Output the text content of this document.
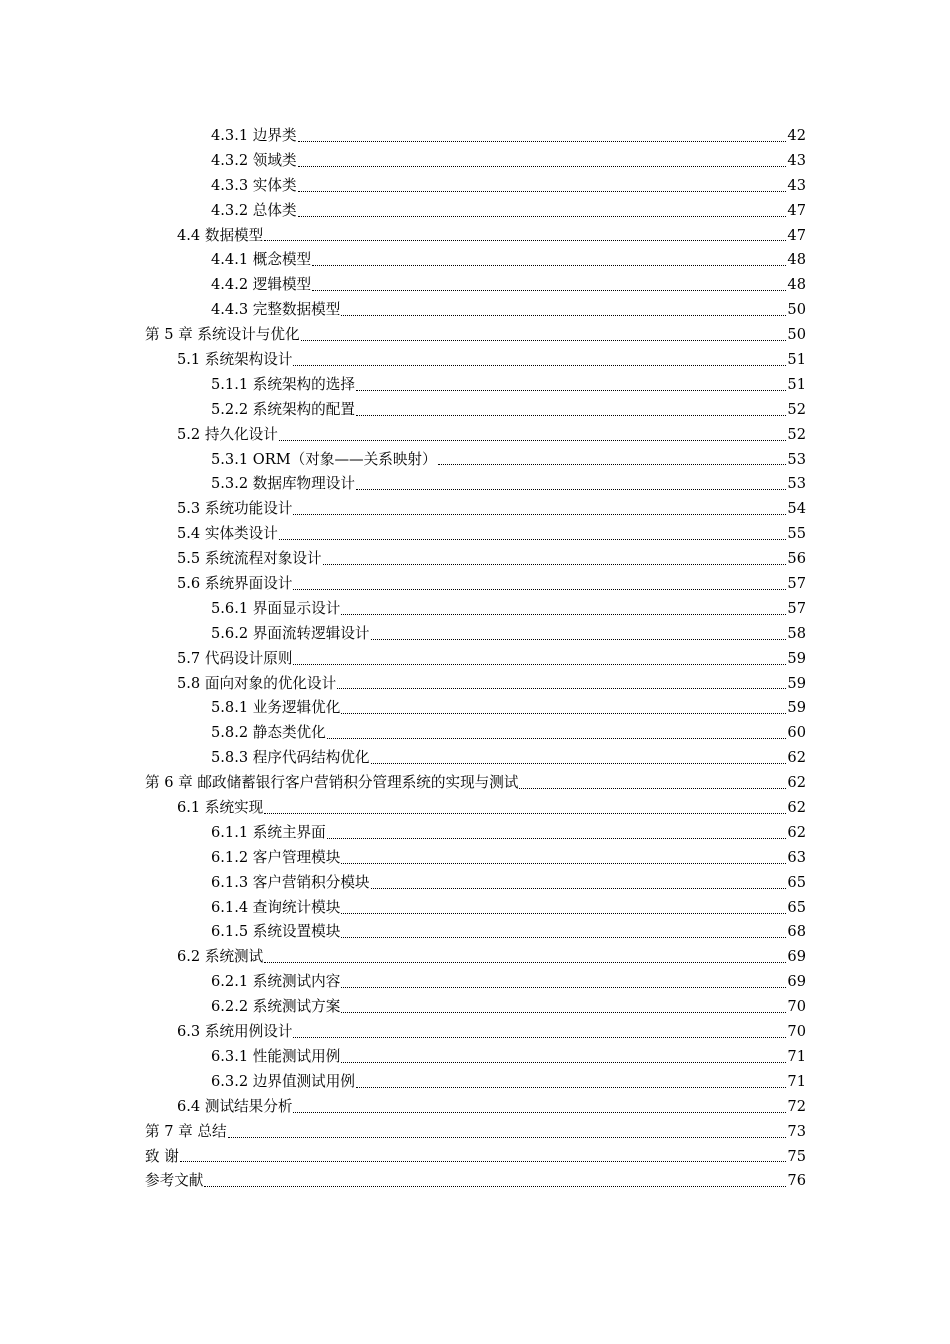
4.3.1 边界类	42
4.3.2 领域类	43
4.3.3 实体类	43
4.3.2 总体类	47
4.4 数据模型	47
4.4.1 概念模型	48
4.4.2 逻辑模型	48
4.4.3 完整数据模型	50
第 5 章 系统设计与优化	50
5.1 系统架构设计	51
5.1.1 系统架构的选择	51
5.2.2 系统架构的配置	52
5.2 持久化设计	52
5.3.1 ORM（对象——关系映射）	53
5.3.2 数据库物理设计	53
5.3 系统功能设计	54
5.4 实体类设计	55
5.5 系统流程对象设计	56
5.6 系统界面设计	57
5.6.1 界面显示设计	57
5.6.2 界面流转逻辑设计	58
5.7 代码设计原则	59
5.8 面向对象的优化设计	59
5.8.1 业务逻辑优化	59
5.8.2 静态类优化	60
5.8.3 程序代码结构优化	62
第 6 章 邮政储蓄银行客户营销积分管理系统的实现与测试	62
6.1 系统实现	62
6.1.1 系统主界面	62
6.1.2 客户管理模块	63
6.1.3 客户营销积分模块	65
6.1.4 查询统计模块	65
6.1.5 系统设置模块	68
6.2 系统测试	69
6.2.1 系统测试内容	69
6.2.2 系统测试方案	70
6.3 系统用例设计	70
6.3.1 性能测试用例	71
6.3.2 边界值测试用例	71
6.4 测试结果分析	72
第 7 章 总结	73
致 谢	75
参考文献	76
